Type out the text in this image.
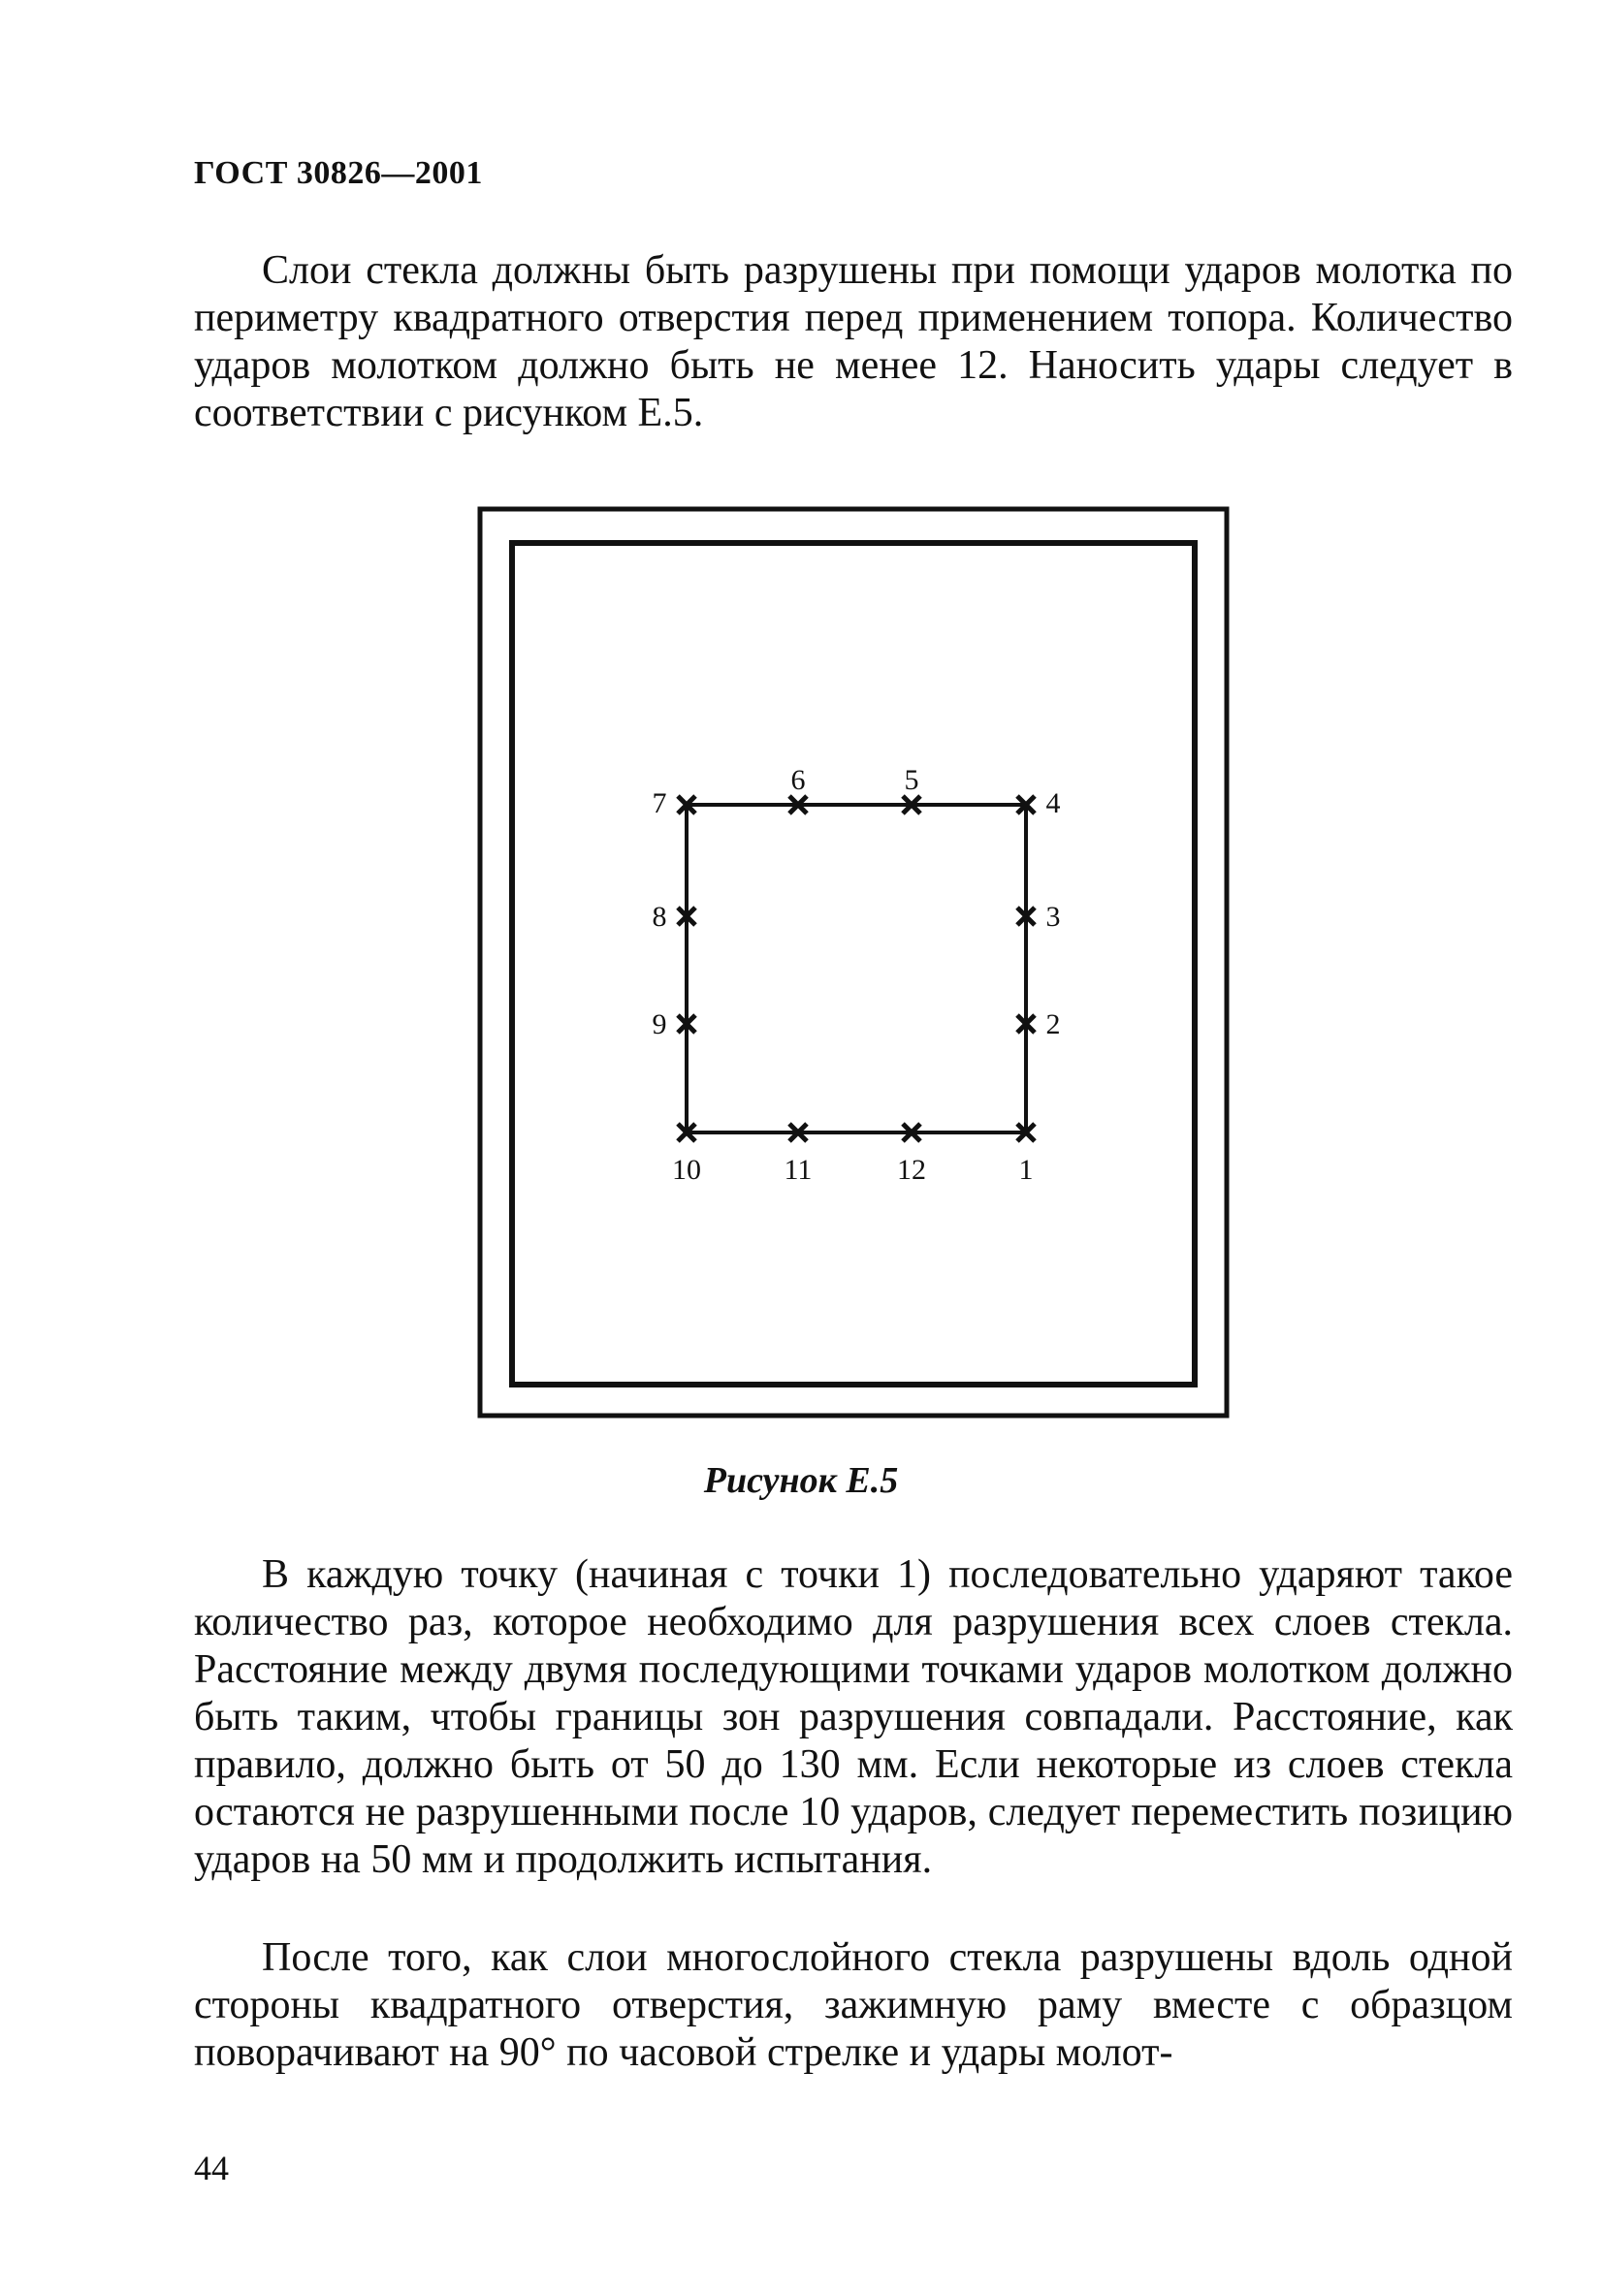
ГОСТ 30826—2001

Слои стекла должны быть разрушены при помощи ударов молотка по периметру квадратного отверстия перед применением топора. Количество ударов молотком должно быть не менее 12. Наносить удары следует в соответствии с рисунком Е.5.

1
2
3
4
5
6
7
8
9
10	11	12
Рисунок Е.5

В каждую точку (начиная с точки 1) последовательно ударяют такое количество раз, которое необходимо для разрушения всех слоев стекла. Расстояние между двумя последующими точками ударов молотком должно быть таким, чтобы границы зон разрушения совпадали. Расстояние, как правило, должно быть от 50 до 130 мм. Если некоторые из слоев стекла остаются не разрушенными после 10 ударов, следует переместить позицию ударов на 50 мм и продолжить испытания.

После того, как слои многослойного стекла разрушены вдоль одной стороны квадратного отверстия, зажимную раму вместе с образцом поворачивают на 90° по часовой стрелке и удары молот-

44
